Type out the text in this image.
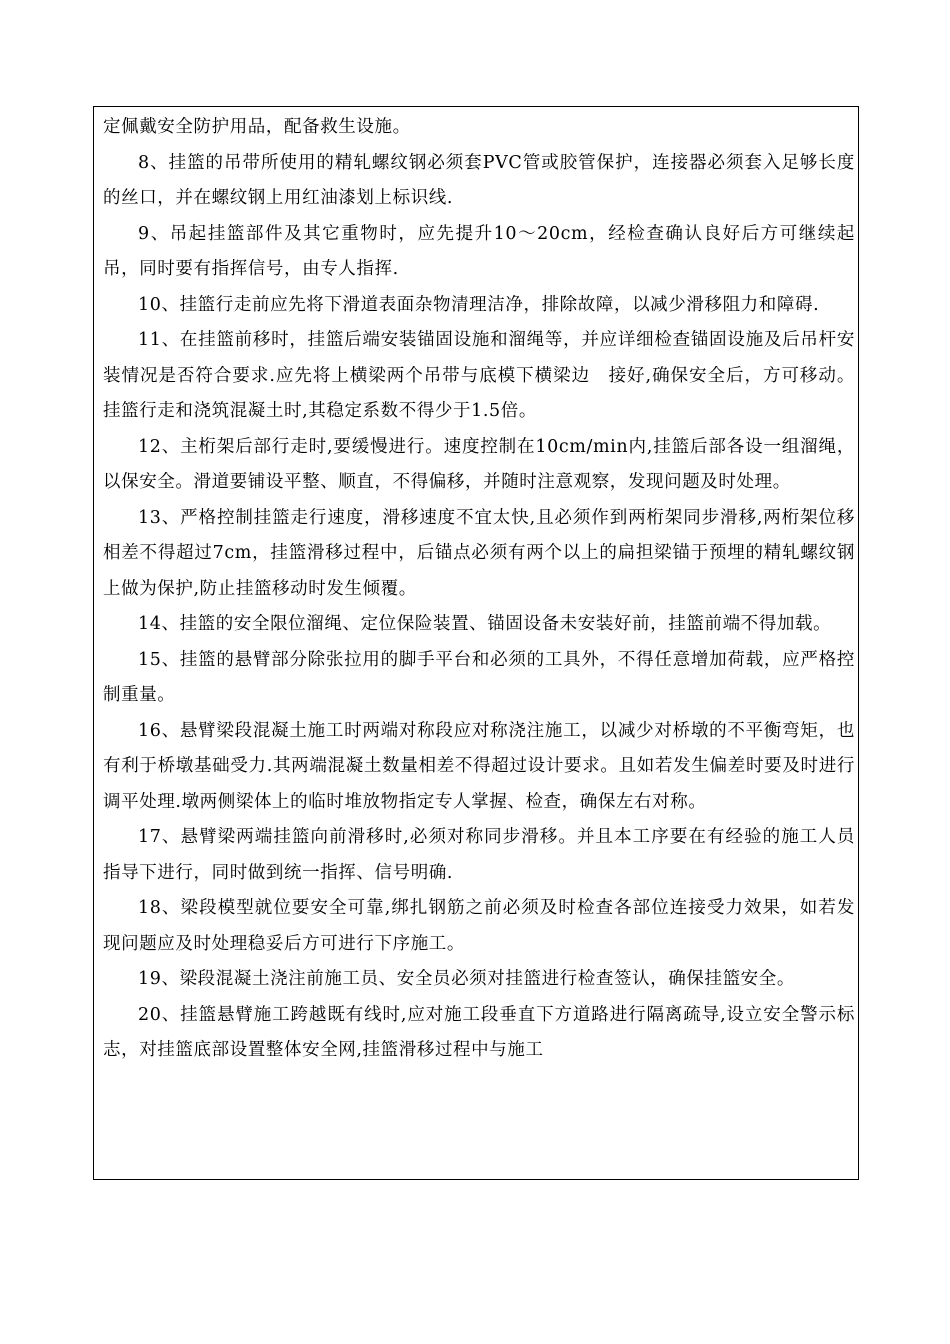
定佩戴安全防护用品，配备救生设施。

8、挂篮的吊带所使用的精轧螺纹钢必须套PVC管或胶管保护，连接器必须套入足够长度的丝口，并在螺纹钢上用红油漆划上标识线.

9、吊起挂篮部件及其它重物时，应先提升10～20cm，经检查确认良好后方可继续起吊，同时要有指挥信号，由专人指挥.

10、挂篮行走前应先将下滑道表面杂物清理洁净，排除故障，以减少滑移阻力和障碍.

11、在挂篮前移时，挂篮后端安装锚固设施和溜绳等，并应详细检查锚固设施及后吊杆安装情况是否符合要求.应先将上横梁两个吊带与底模下横梁边　接好,确保安全后，方可移动。挂篮行走和浇筑混凝土时,其稳定系数不得少于1.5倍。

12、主桁架后部行走时,要缓慢进行。速度控制在10cm/min内,挂篮后部各设一组溜绳，以保安全。滑道要铺设平整、顺直，不得偏移，并随时注意观察，发现问题及时处理。

13、严格控制挂篮走行速度，滑移速度不宜太快,且必须作到两桁架同步滑移,两桁架位移相差不得超过7cm，挂篮滑移过程中，后锚点必须有两个以上的扁担梁锚于预埋的精轧螺纹钢上做为保护,防止挂篮移动时发生倾覆。

14、挂篮的安全限位溜绳、定位保险装置、锚固设备未安装好前，挂篮前端不得加载。

15、挂篮的悬臂部分除张拉用的脚手平台和必须的工具外，不得任意增加荷载，应严格控制重量。

16、悬臂梁段混凝土施工时两端对称段应对称浇注施工，以减少对桥墩的不平衡弯矩，也有利于桥墩基础受力.其两端混凝土数量相差不得超过设计要求。且如若发生偏差时要及时进行调平处理.墩两侧梁体上的临时堆放物指定专人掌握、检查，确保左右对称。

17、悬臂梁两端挂篮向前滑移时,必须对称同步滑移。并且本工序要在有经验的施工人员指导下进行，同时做到统一指挥、信号明确.

18、梁段模型就位要安全可靠,绑扎钢筋之前必须及时检查各部位连接受力效果，如若发现问题应及时处理稳妥后方可进行下序施工。

19、梁段混凝土浇注前施工员、安全员必须对挂篮进行检查签认，确保挂篮安全。

20、挂篮悬臂施工跨越既有线时,应对施工段垂直下方道路进行隔离疏导,设立安全警示标志，对挂篮底部设置整体安全网,挂篮滑移过程中与施工
